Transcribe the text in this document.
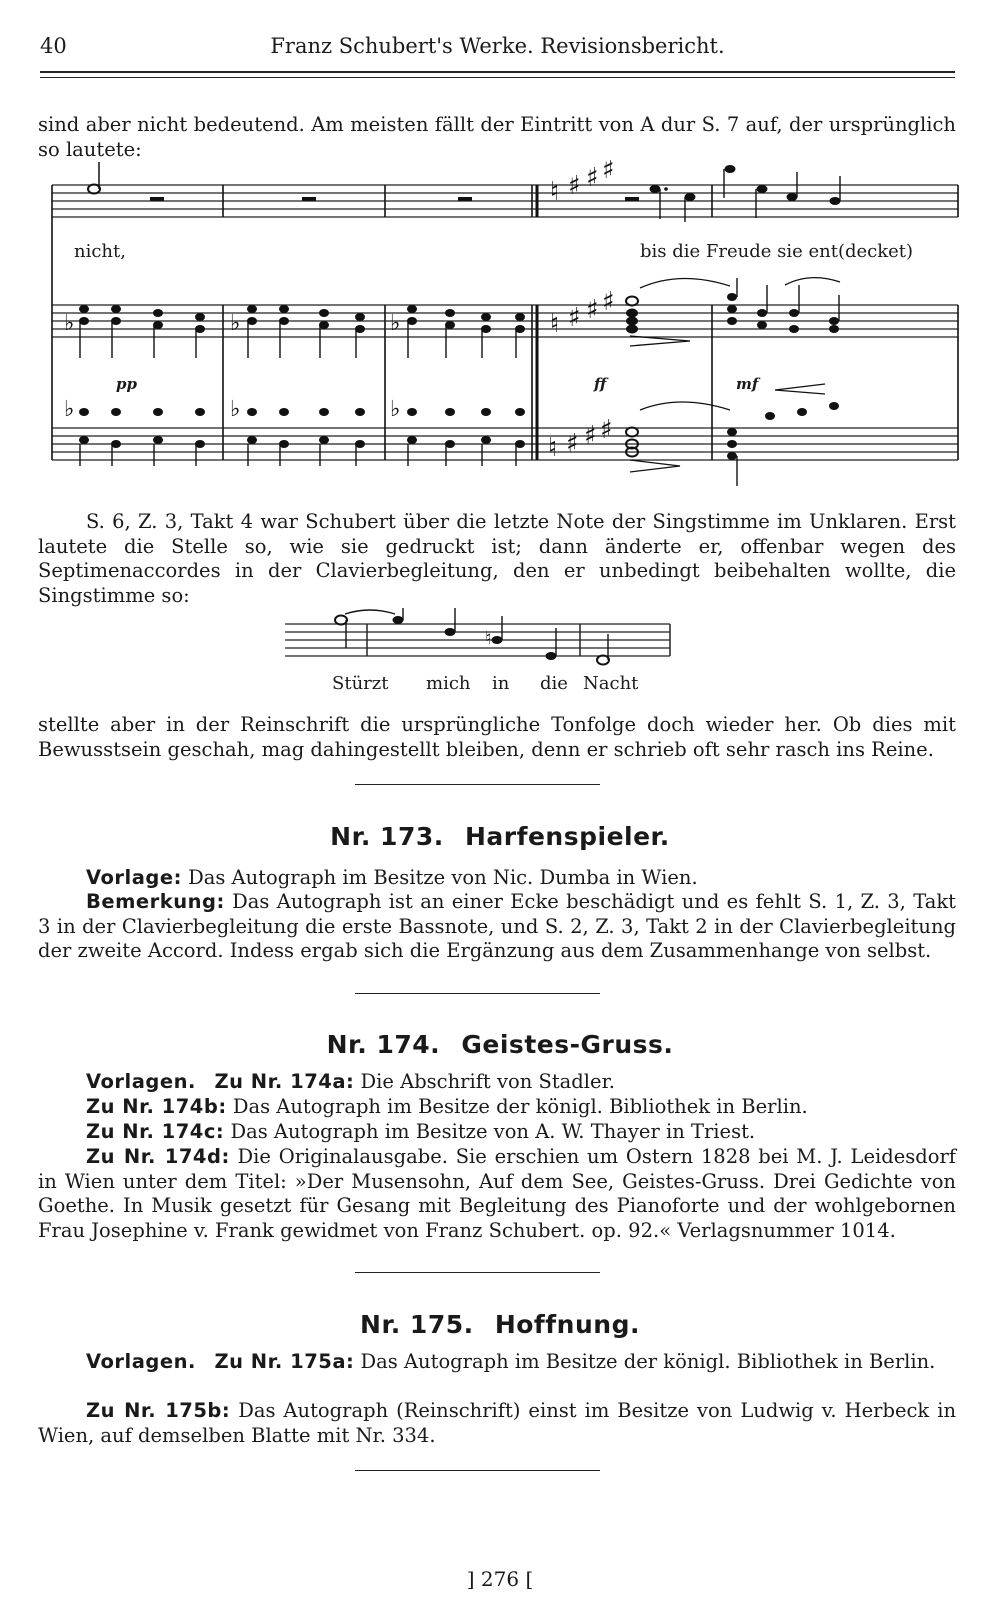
40	Franz Schubert's Werke. Revisionsbericht.

sind aber nicht bedeutend. Am meisten fällt der Eintritt von A dur S. 7 auf, der ursprünglich so lautete:

♮ ♯ ♯ ♯
♮ ♯ ♯ ♯
♮ ♯ ♯ ♯
♭	♭	♭
♭	♭	♭
nicht,	bis die Freude sie ent(decket)
pp	ff	mf

S. 6, Z. 3, Takt 4 war Schubert über die letzte Note der Singstimme im Unklaren. Erst lautete die Stelle so, wie sie gedruckt ist; dann änderte er, offenbar wegen des Septimenaccordes in der Clavierbegleitung, den er unbedingt beibehalten wollte, die Singstimme so:

♮
Stürzt mich in die Nacht

stellte aber in der Reinschrift die ursprüngliche Tonfolge doch wieder her. Ob dies mit Bewusstsein geschah, mag dahingestellt bleiben, denn er schrieb oft sehr rasch ins Reine.

Nr. 173. Harfenspieler.

Vorlage: Das Autograph im Besitze von Nic. Dumba in Wien.

Bemerkung: Das Autograph ist an einer Ecke beschädigt und es fehlt S. 1, Z. 3, Takt 3 in der Clavierbegleitung die erste Bassnote, und S. 2, Z. 3, Takt 2 in der Clavierbegleitung der zweite Accord. Indess ergab sich die Ergänzung aus dem Zusammenhange von selbst.

Nr. 174. Geistes-Gruss.

Vorlagen. Zu Nr. 174a: Die Abschrift von Stadler.

Zu Nr. 174b: Das Autograph im Besitze der königl. Bibliothek in Berlin.

Zu Nr. 174c: Das Autograph im Besitze von A. W. Thayer in Triest.

Zu Nr. 174d: Die Originalausgabe. Sie erschien um Ostern 1828 bei M. J. Leidesdorf in Wien unter dem Titel: »Der Musensohn, Auf dem See, Geistes-Gruss. Drei Gedichte von Goethe. In Musik gesetzt für Gesang mit Begleitung des Pianoforte und der wohlgebornen Frau Josephine v. Frank gewidmet von Franz Schubert. op. 92.« Verlagsnummer 1014.

Nr. 175. Hoffnung.

Vorlagen. Zu Nr. 175a: Das Autograph im Besitze der königl. Bibliothek in Berlin.

Zu Nr. 175b: Das Autograph (Reinschrift) einst im Besitze von Ludwig v. Herbeck in Wien, auf demselben Blatte mit Nr. 334.

] 276 [
